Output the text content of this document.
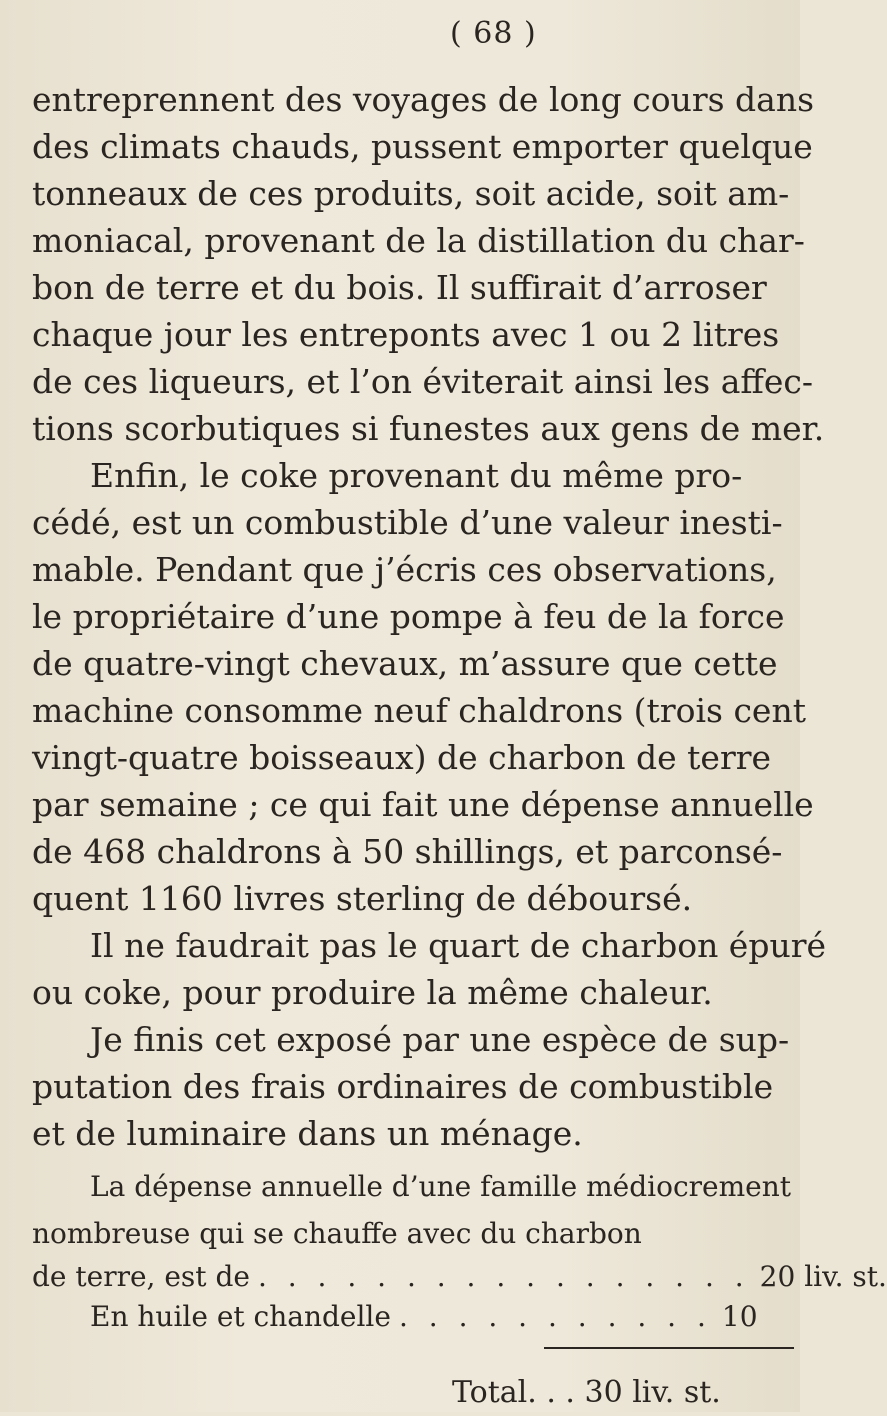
( 68 )
entreprennent des voyages de long cours dans
des climats chauds, pussent emporter quelque
tonneaux de ces produits, soit acide, soit am-
moniacal, provenant de la distillation du char-
bon de terre et du bois. Il suffirait d’arroser
chaque jour les entreponts avec 1 ou 2 litres
de ces liqueurs, et l’on éviterait ainsi les affec-
tions scorbutiques si funestes aux gens de mer.
Enfin, le coke provenant du même pro-
cédé, est un combustible d’une valeur inesti-
mable. Pendant que j’écris ces observations,
le propriétaire d’une pompe à feu de la force
de quatre-vingt chevaux, m’assure que cette
machine consomme neuf chaldrons (trois cent
vingt-quatre boisseaux) de charbon de terre
par semaine ; ce qui fait une dépense annuelle
de 468 chaldrons à 50 shillings, et parconsé-
quent 1160 livres sterling de déboursé.
Il ne faudrait pas le quart de charbon épuré
ou coke, pour produire la même chaleur.
Je finis cet exposé par une espèce de sup-
putation des frais ordinaires de combustible
et de luminaire dans un ménage.
La dépense annuelle d’une famille médiocrement
nombreuse qui se chauffe avec du charbon
de terre, est de . . . . . . . . . . . . . . . . . 20 liv. st.
En huile et chandelle . . . . . . . . . . . 10
Total. . . 30 liv. st.
